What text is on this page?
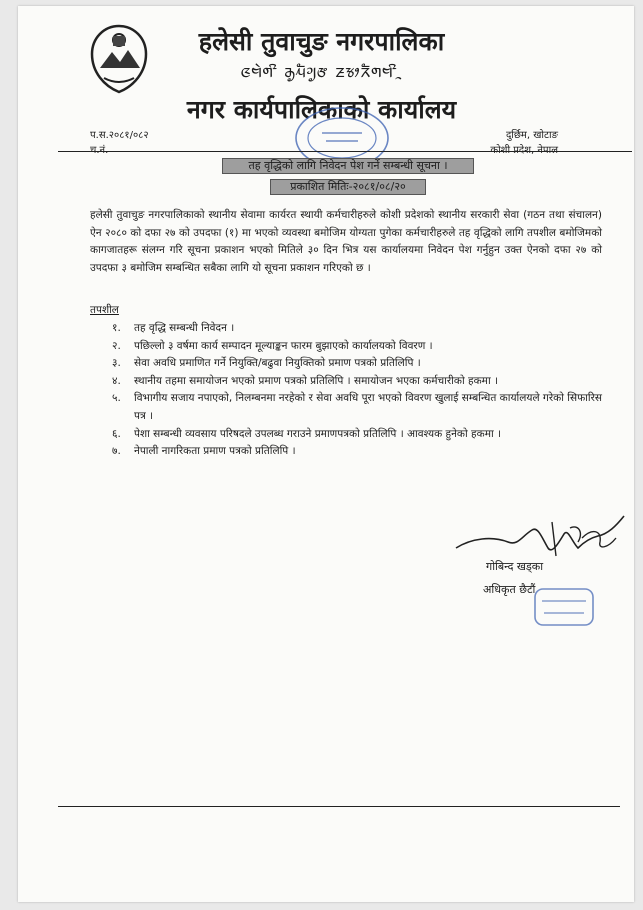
हलेसी तुवाचुङ नगरपालिका
ᤜᤗᤧᤛᤡ ᤌᤢᤘᤠᤆᤢᤅ ᤏᤃᤣᤖᤠᤛᤗᤡᤳ
नगर कार्यपालिकाको कार्यालय
प.स.२०८१/०८२
च.नं.
दुर्छिम, खोटाङ
कोशी प्रदेश, नेपाल
तह वृद्धिको लागि निवेदन पेश गर्ने सम्बन्धी सूचना ।
प्रकाशित मितिः-२०८१/०८/२०
हलेसी तुवाचुङ नगरपालिकाको स्थानीय सेवामा कार्यरत स्थायी कर्मचारीहरुले कोशी प्रदेशको स्थानीय सरकारी सेवा (गठन तथा संचालन) ऐन २०८० को दफा २७ को उपदफा (१) मा भएको व्यवस्था बमोजिम योग्यता पुगेका कर्मचारीहरुले तह वृद्धिको लागि तपशील बमोजिमको कागजातहरू संलग्न गरि सूचना प्रकाशन भएको मितिले ३० दिन भित्र यस कार्यालयमा निवेदन पेश गर्नुहुन उक्त ऐनको दफा २७ को उपदफा ३ बमोजिम सम्बन्धित सबैका लागि यो सूचना प्रकाशन गरिएको छ ।
तपशील
१. तह वृद्धि सम्बन्धी निवेदन ।
२. पछिल्लो ३ वर्षमा कार्य सम्पादन मूल्याङ्कन फारम बुझाएको कार्यालयको विवरण ।
३. सेवा अवधि प्रमाणित गर्ने नियुक्ति/बढुवा नियुक्तिको प्रमाण पत्रको प्रतिलिपि ।
४. स्थानीय तहमा समायोजन भएको प्रमाण पत्रको प्रतिलिपि । समायोजन भएका कर्मचारीको हकमा ।
५. विभागीय सजाय नपाएको, निलम्बनमा नरहेको र सेवा अवधि पूरा भएको विवरण खुलाई सम्बन्धित कार्यालयले गरेको सिफारिस पत्र ।
६. पेशा सम्बन्धी व्यवसाय परिषदले उपलब्ध गराउने प्रमाणपत्रको प्रतिलिपि । आवश्यक हुनेको हकमा ।
७. नेपाली नागरिकता प्रमाण पत्रको प्रतिलिपि ।
गोबिन्द खड्का
अधिकृत छैटौं
